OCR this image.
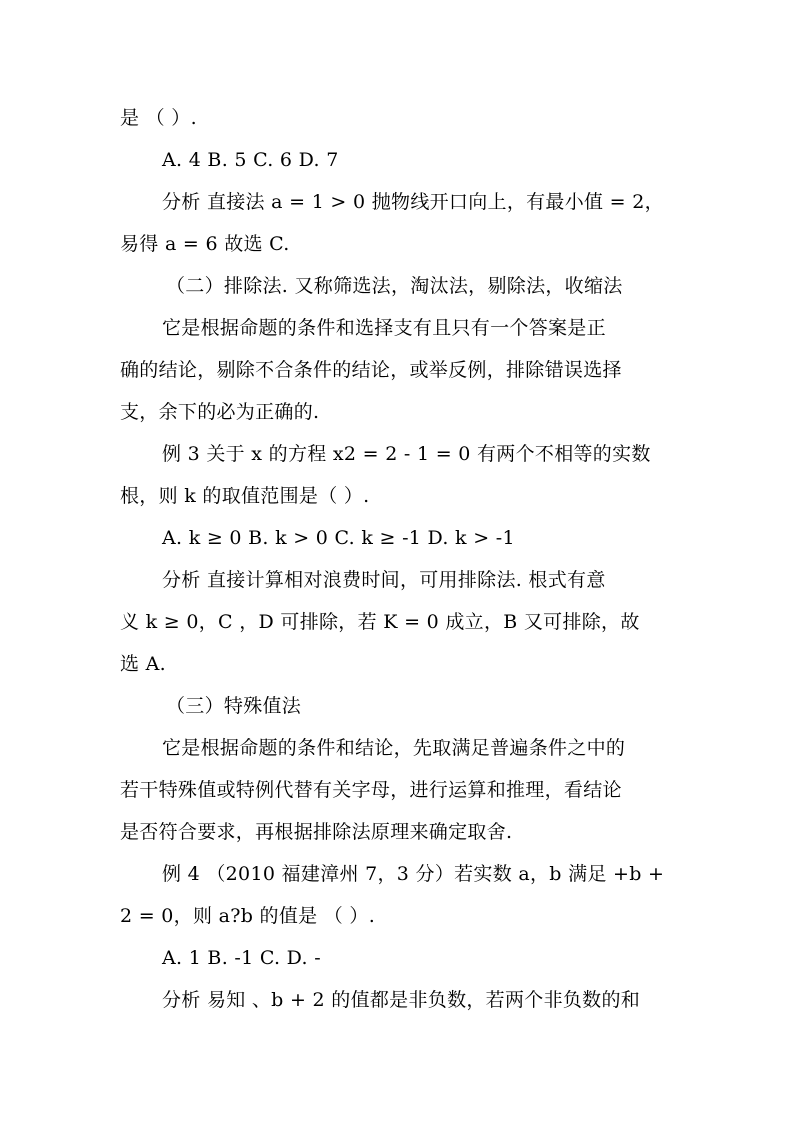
是 （ ）.
A. 4 B. 5 C. 6 D. 7
分析 直接法 a = 1 > 0 抛物线开口向上，有最小值 = 2，
易得 a = 6 故选 C.
（二）排除法. 又称筛选法，淘汰法，剔除法，收缩法
它是根据命题的条件和选择支有且只有一个答案是正
确的结论，剔除不合条件的结论，或举反例，排除错误选择
支，余下的必为正确的.
例 3 关于 x 的方程 x2 = 2 - 1 = 0 有两个不相等的实数
根，则 k 的取值范围是（ ）.
A. k ≥ 0 B. k > 0 C. k ≥ -1 D. k > -1
分析 直接计算相对浪费时间，可用排除法. 根式有意
义 k ≥ 0，C ，D 可排除，若 K = 0 成立，B 又可排除，故
选 A.
（三）特殊值法
它是根据命题的条件和结论，先取满足普遍条件之中的
若干特殊值或特例代替有关字母，进行运算和推理，看结论
是否符合要求，再根据排除法原理来确定取舍.
例 4 （2010 福建漳州 7，3 分）若实数 a，b 满足 +b +
2 = 0，则 a?b 的值是 （ ）.
A. 1 B. -1 C. D. -
分析 易知 、b + 2 的值都是非负数，若两个非负数的和
